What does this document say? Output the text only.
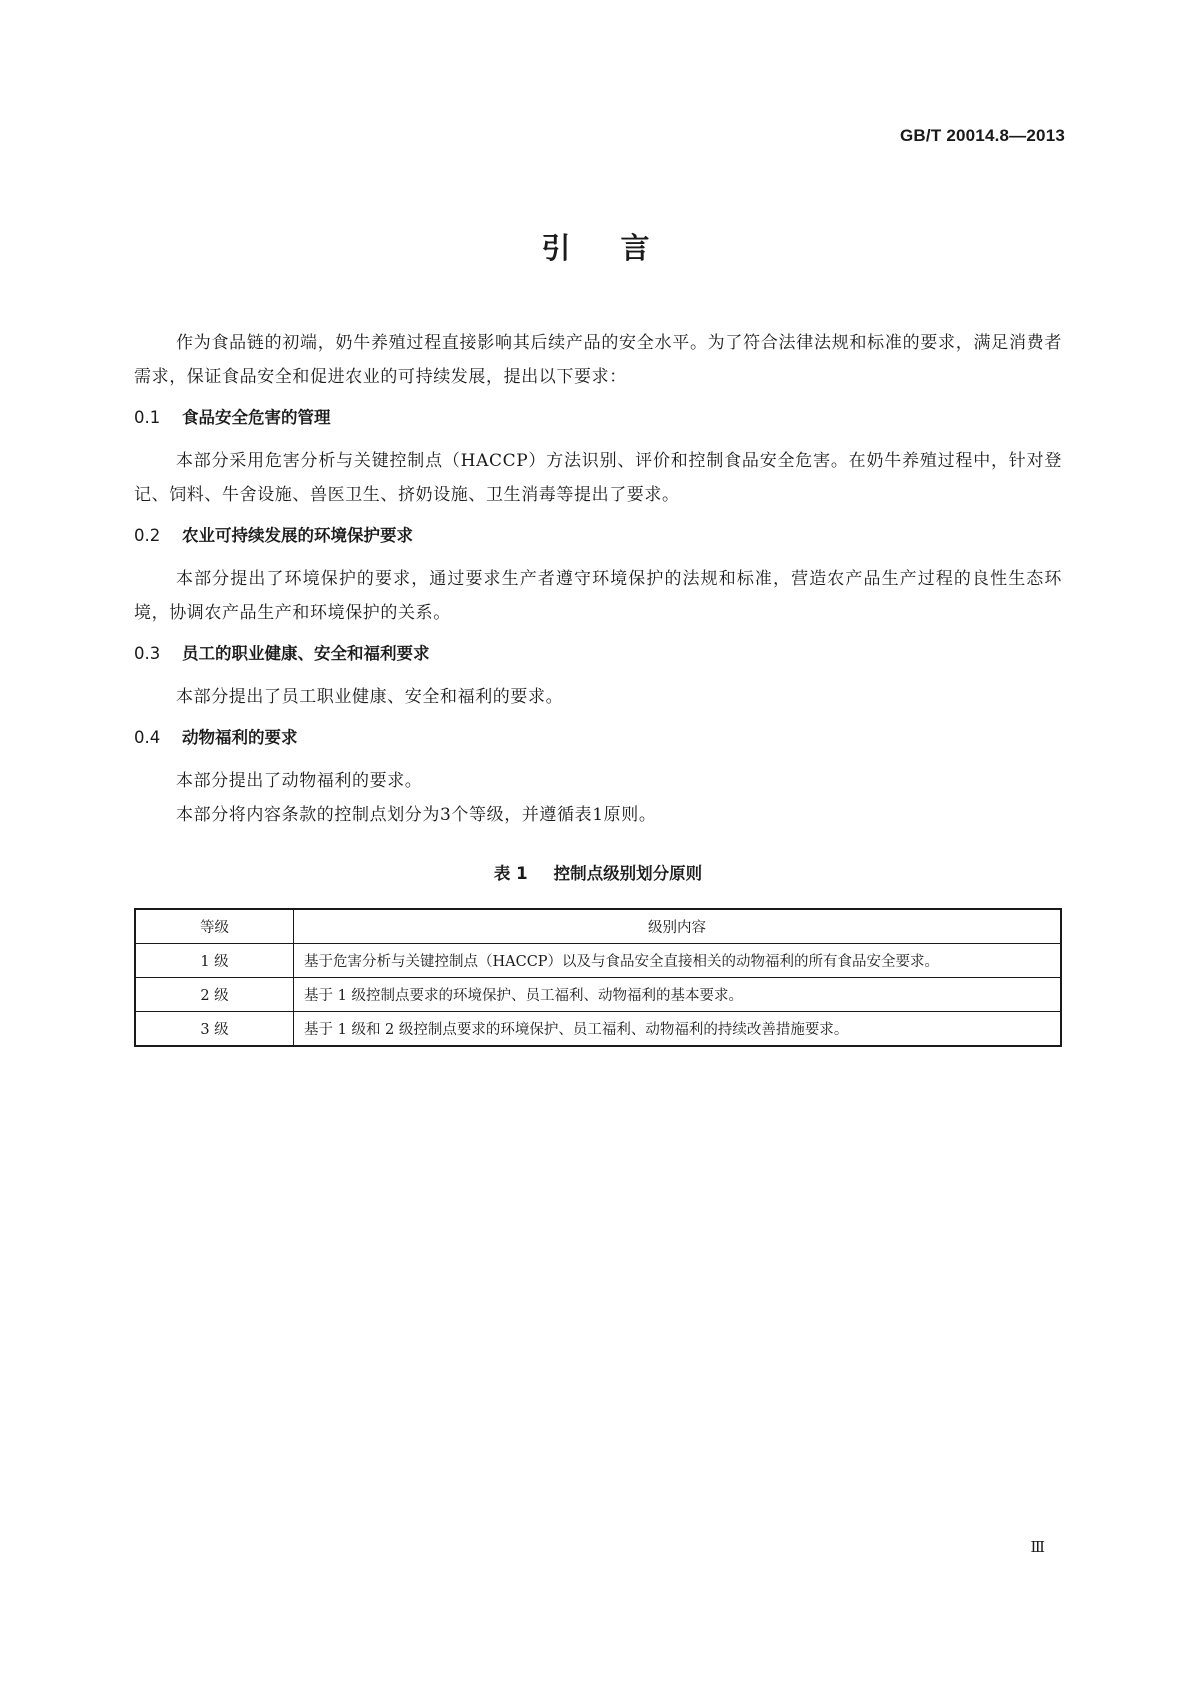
GB/T 20014.8—2013
引言

作为食品链的初端，奶牛养殖过程直接影响其后续产品的安全水平。为了符合法律法规和标准的要求，满足消费者需求，保证食品安全和促进农业的可持续发展，提出以下要求：

0.1 食品安全危害的管理

本部分采用危害分析与关键控制点（HACCP）方法识别、评价和控制食品安全危害。在奶牛养殖过程中，针对登记、饲料、牛舍设施、兽医卫生、挤奶设施、卫生消毒等提出了要求。

0.2 农业可持续发展的环境保护要求

本部分提出了环境保护的要求，通过要求生产者遵守环境保护的法规和标准，营造农产品生产过程的良性生态环境，协调农产品生产和环境保护的关系。

0.3 员工的职业健康、安全和福利要求

本部分提出了员工职业健康、安全和福利的要求。

0.4 动物福利的要求

本部分提出了动物福利的要求。

本部分将内容条款的控制点划分为3个等级，并遵循表1原则。

表 1 控制点级别划分原则
等级	级别内容
1 级	基于危害分析与关键控制点（HACCP）以及与食品安全直接相关的动物福利的所有食品安全要求。
2 级	基于 1 级控制点要求的环境保护、员工福利、动物福利的基本要求。
3 级	基于 1 级和 2 级控制点要求的环境保护、员工福利、动物福利的持续改善措施要求。
Ⅲ
